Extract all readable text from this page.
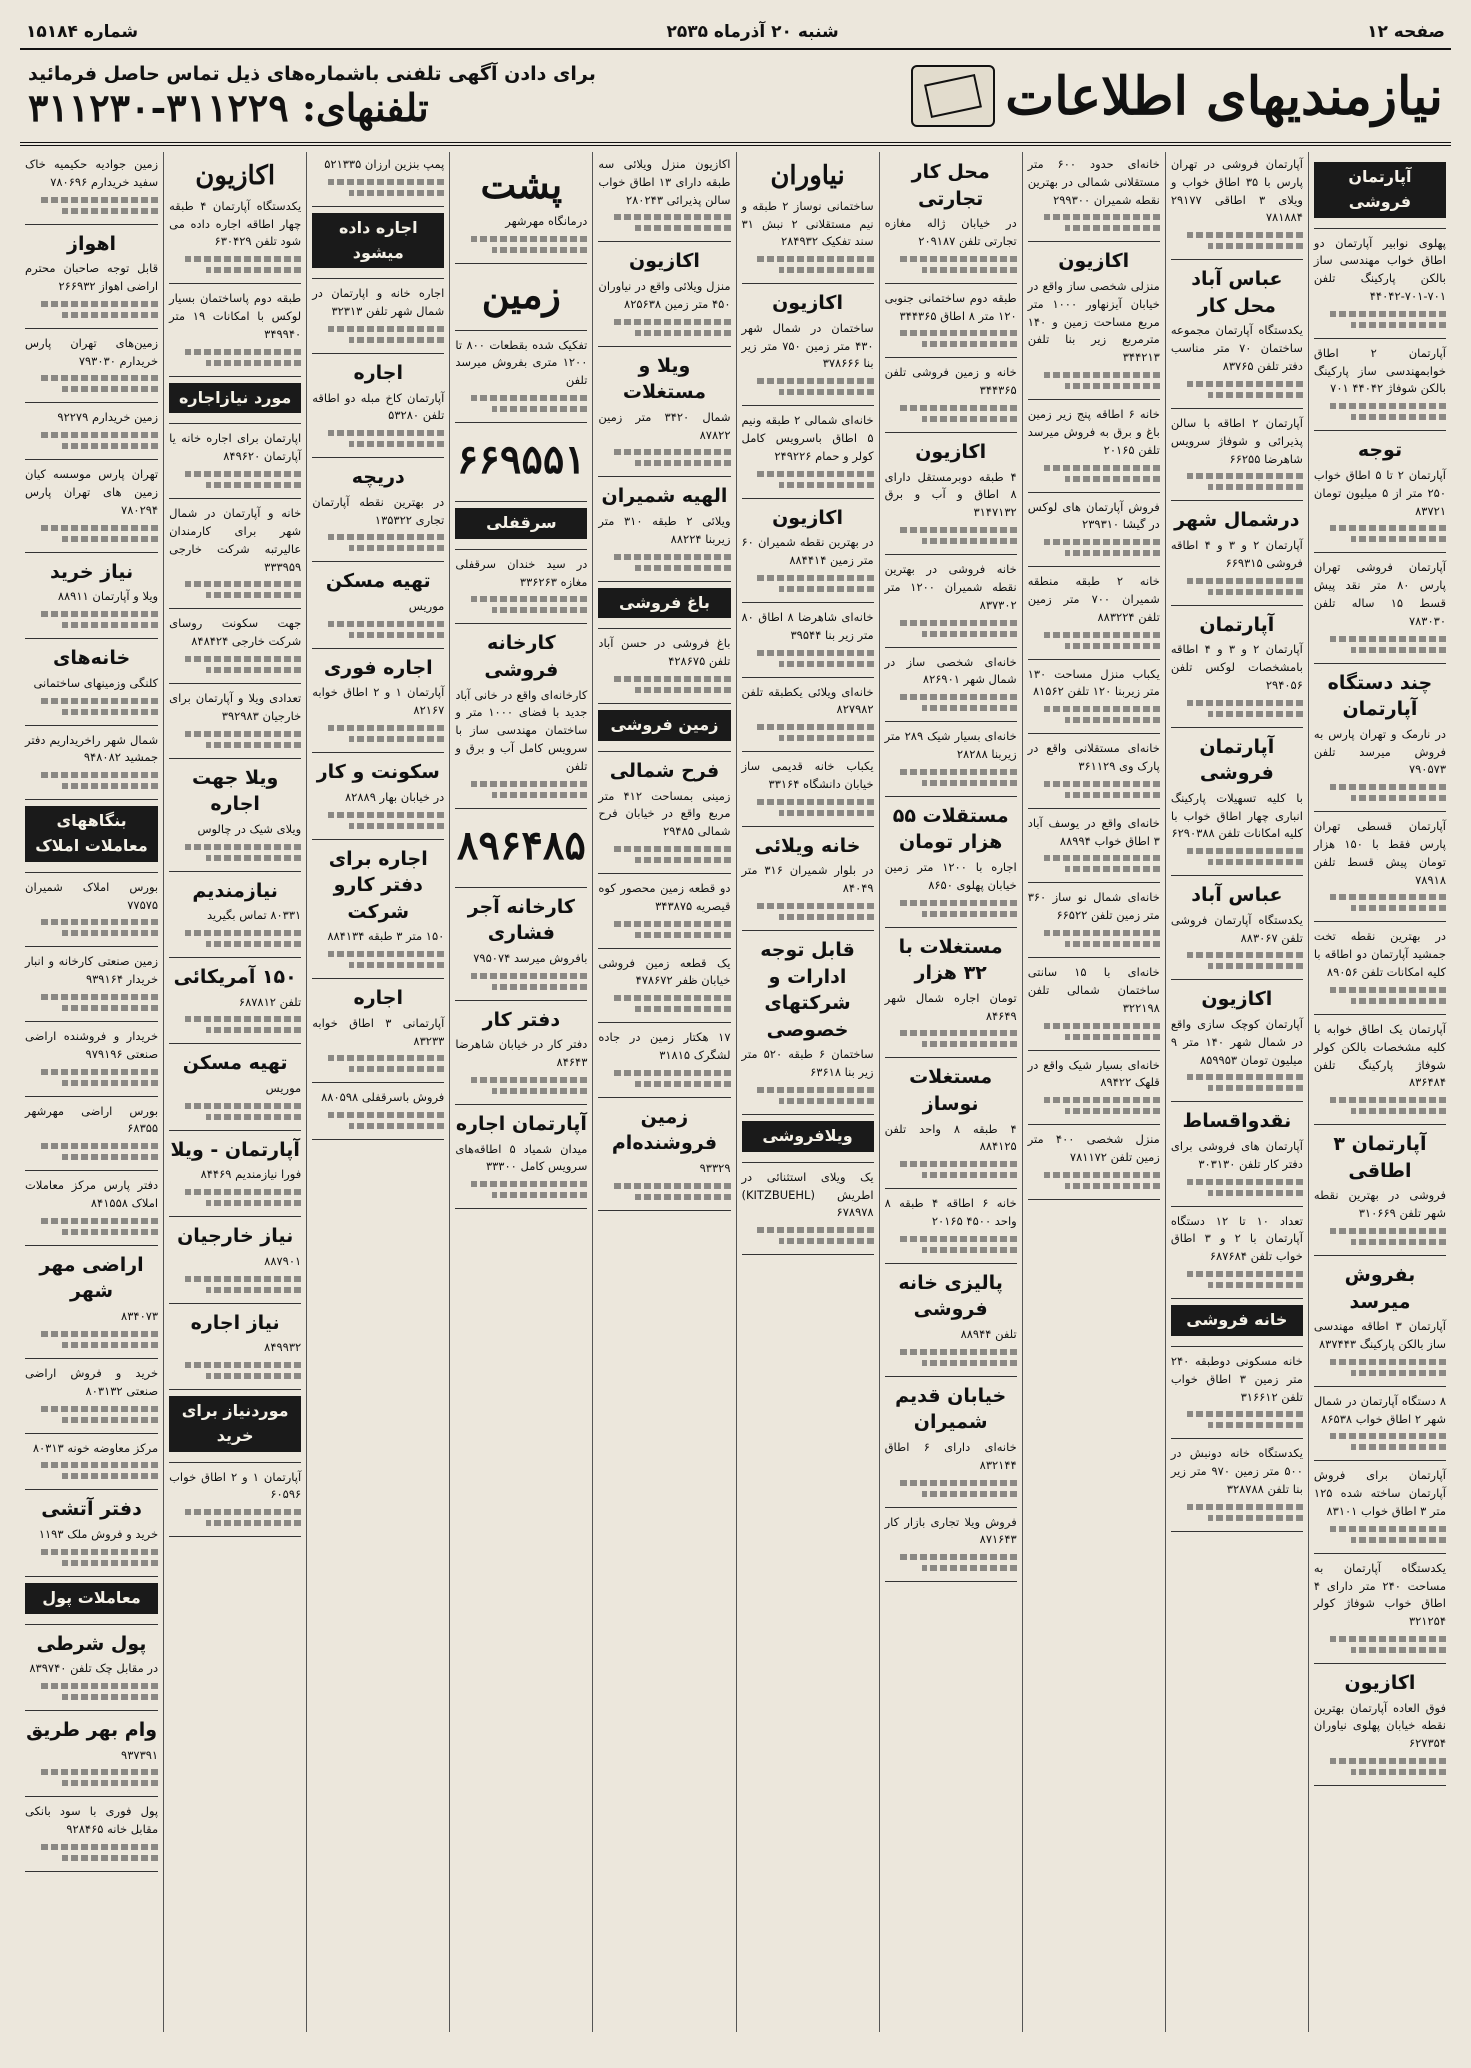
صفحه ۱۲
شنبه ۲۰ آذرماه ۲۵۳۵
شماره ۱۵۱۸۴
نیازمندیهای اطلاعات
برای دادن آگهی تلفنی باشماره‌های ذیل تماس حاصل فرمائید
تلفنهای: ۳۱۱۲۲۹-۳۱۱۲۳۰
آپارتمان فروشی
پهلوی نوابیر آپارتمان دو اطاق خواب مهندسی ساز بالکن پارکینگ تلفن ۷۰۱-۷۰۱-۴۴۰۴۲
آپارتمان ۲ اطاق خوابمهندسی ساز پارکینگ بالکن شوفاژ ۴۴۰۴۲ ۷۰۱
توجه
آپارتمان ۲ تا ۵ اطاق خواب ۲۵۰ متر از ۵ میلیون تومان ۸۳۷۲۱
آپارتمان فروشی تهران پارس ۸۰ متر نقد پیش قسط ۱۵ ساله تلفن ۷۸۳۰۳۰
چند دستگاه آپارتمان
در نارمک و تهران پارس به فروش میرسد تلفن ۷۹۰۵۷۳
آپارتمان قسطی تهران پارس فقط با ۱۵۰ هزار تومان پیش قسط تلفن ۷۸۹۱۸
در بهترین نقطه تخت جمشید آپارتمان دو اطاقه با کلیه امکانات تلفن ۸۹۰۵۶
آپارتمان یک اطاق خوابه با کلیه مشخصات بالکن کولر شوفاژ پارکینگ تلفن ۸۳۶۴۸۴
آپارتمان ۳ اطاقی
فروشی در بهترین نقطه شهر تلفن ۳۱۰۶۶۹
بفروش میرسد
آپارتمان ۳ اطاقه مهندسی ساز بالکن پارکینگ ۸۳۷۴۴۳
۸ دستگاه آپارتمان در شمال شهر ۲ اطاق خواب ۸۶۵۳۸
آپارتمان برای فروش آپارتمان ساخته شده ۱۲۵ متر ۳ اطاق خواب ۸۳۱۰۱
یکدستگاه آپارتمان به مساحت ۲۴۰ متر دارای ۴ اطاق خواب شوفاژ کولر ۳۲۱۲۵۴
اکازیون
فوق العاده آپارتمان بهترین نقطه خیابان پهلوی نیاوران ۶۲۷۳۵۴
آپارتمان فروشی در تهران پارس با ۳۵ اطاق خواب و ویلای ۳ اطاقی ۲۹۱۷۷ ۷۸۱۸۸۴
عباس آباد محل کار
یکدستگاه آپارتمان مجموعه ساختمان ۷۰ متر مناسب دفتر تلفن ۸۳۷۶۵
آپارتمان ۲ اطاقه با سالن پذیرائی و شوفاژ سرویس شاهرضا ۶۶۲۵۵
درشمال شهر
آپارتمان ۲ و ۳ و ۴ اطاقه فروشی ۶۶۹۳۱۵
آپارتمان
آپارتمان ۲ و ۳ و ۴ اطاقه بامشخصات لوکس تلفن ۲۹۴۰۵۶
آپارتمان فروشی
با کلیه تسهیلات پارکینگ انباری چهار اطاق خواب با کلیه امکانات تلفن ۶۲۹۰۳۸۸
عباس آباد
یکدستگاه آپارتمان فروشی تلفن ۸۸۳۰۶۷
اکازیون
آپارتمان کوچک سازی واقع در شمال شهر ۱۴۰ متر ۹ میلیون تومان ۸۵۹۹۵۳
نقدواقساط
آپارتمان های فروشی برای دفتر کار تلفن ۳۰۳۱۳۰
تعداد ۱۰ تا ۱۲ دستگاه آپارتمان با ۲ و ۳ اطاق خواب تلفن ۶۸۷۶۸۴
خانه فروشی
خانه مسکونی دوطبقه ۲۴۰ متر زمین ۳ اطاق خواب تلفن ۳۱۶۶۱۲
یکدستگاه خانه دونبش در ۵۰۰ متر زمین ۹۷۰ متر زیر بنا تلفن ۳۲۸۷۸۸
خانه‌ای حدود ۶۰۰ متر مستقلانی شمالی در بهترین نقطه شمیران ۲۹۹۳۰۰
اکازیون
منزلی شخصی ساز واقع در خیابان آیزنهاور ۱۰۰۰ متر مربع مساحت زمین و ۱۴۰ مترمربع زیر بنا تلفن ۳۴۴۲۱۳
خانه ۶ اطاقه پنج زیر زمین باغ و برق به فروش میرسد تلفن ۲۰۱۶۵
فروش آپارتمان های لوکس در گیشا ۲۳۹۳۱۰
خانه ۲ طبقه منطقه شمیران ۷۰۰ متر زمین تلفن ۸۸۳۲۲۴
یکباب منزل مساحت ۱۳۰ متر زیربنا ۱۲۰ تلفن ۸۱۵۶۲
خانه‌ای مستقلانی واقع در پارک وی ۳۶۱۱۲۹
خانه‌ای واقع در یوسف آباد ۳ اطاق خواب ۸۸۹۹۴
خانه‌ای شمال نو ساز ۳۶۰ متر زمین تلفن ۶۶۵۲۲
خانه‌ای با ۱۵ سانتی ساختمان شمالی تلفن ۳۲۲۱۹۸
خانه‌ای بسیار شیک واقع در قلهک ۸۹۴۲۲
منزل شخصی ۴۰۰ متر زمین تلفن ۷۸۱۱۷۲
محل کار تجارتی
در خیابان ژاله مغازه تجارتی تلفن ۲۰۹۱۸۷
طبقه دوم ساختمانی جنوبی ۱۲۰ متر ۸ اطاق ۳۴۴۳۶۵
خانه و زمین فروشی تلفن ۳۴۴۳۶۵
اکازیون
۴ طبقه دوبرمستقل دارای ۸ اطاق و آب و برق ۳۱۴۷۱۳۲
خانه فروشی در بهترین نقطه شمیران ۱۲۰۰ متر ۸۳۷۳۰۲
خانه‌ای شخصی ساز در شمال شهر ۸۲۶۹۰۱
خانه‌ای بسیار شیک ۲۸۹ متر زیربنا ۲۸۲۸۸
مستقلات ۵۵ هزار تومان
اجاره با ۱۲۰۰ متر زمین خیابان پهلوی ۸۶۵۰
مستغلات با ۳۲ هزار
تومان اجاره شمال شهر ۸۴۶۴۹
مستغلات نوساز
۴ طبقه ۸ واحد تلفن ۸۸۴۱۲۵
خانه ۶ اطاقه ۴ طبقه ۸ واحد ۴۵۰۰ ۲۰۱۶۵
پالیزی خانه فروشی
تلفن ۸۸۹۴۴
خیابان قدیم شمیران
خانه‌ای دارای ۶ اطاق ۸۳۲۱۴۴
فروش ویلا تجاری بازار کار ۸۷۱۶۴۳
نیاوران
ساختمانی نوساز ۲ طبقه و نیم مستقلانی ۲ نبش ۳۱ سند تفکیک ۲۸۴۹۳۲
اکازیون
ساختمان در شمال شهر ۴۳۰ متر زمین ۷۵۰ متر زیر بنا ۳۷۸۶۶۶
خانه‌ای شمالی ۲ طبقه ونیم ۵ اطاق باسرویس کامل کولر و حمام ۲۴۹۲۲۶
اکازیون
در بهترین نقطه شمیران ۶۰ متر زمین ۸۸۴۴۱۴
خانه‌ای شاهرضا ۸ اطاق ۸۰ متر زیر بنا ۳۹۵۴۴
خانه‌ای ویلائی یکطبقه تلفن ۸۲۷۹۸۲
یکباب خانه قدیمی ساز خیابان دانشگاه ۳۳۱۶۴
خانه ویلائی
در بلوار شمیران ۳۱۶ متر ۸۴۰۴۹
قابل توجه ادارات و شرکتهای خصوصی
ساختمان ۶ طبقه ۵۲۰ متر زیر بنا ۶۳۶۱۸
ویلافروشی
یک ویلای استثنائی در اطریش (KITZBUEHL) ۶۷۸۹۷۸
اکازیون منزل ویلائی سه طبقه دارای ۱۳ اطاق خواب سالن پذیرائی ۲۸۰۲۴۳
اکازیون
منزل ویلائی واقع در نیاوران ۴۵۰ متر زمین ۸۲۵۶۳۸
ویلا و مستغلات
شمال ۳۴۲۰ متر زمین ۸۷۸۲۲
الهیه شمیران
ویلائی ۲ طبقه ۳۱۰ متر زیربنا ۸۸۲۲۴
باغ فروشی
باغ فروشی در حسن آباد تلفن ۴۲۸۶۷۵
زمین فروشی
فرح شمالی
زمینی بمساحت ۴۱۲ متر مربع واقع در خیابان فرح شمالی ۲۹۴۸۵
دو قطعه زمین محصور کوه قیصریه ۳۴۳۸۷۵
یک قطعه زمین فروشی خیابان ظفر ۴۷۸۶۷۲
۱۷ هکتار زمین در جاده لشگرک ۳۱۸۱۵
زمین فروشنده‌ام
۹۳۳۲۹
پشت
درمانگاه مهرشهر
زمین
تفکیک شده بقطعات ۸۰۰ تا ۱۲۰۰ متری بفروش میرسد تلفن
۶۶۹۵۵۱
سرقفلی
در سید خندان سرقفلی مغازه ۳۳۶۲۶۳
کارخانه فروشی
کارخانه‌ای واقع در خانی آباد جدید با فضای ۱۰۰۰ متر و ساختمان مهندسی ساز با سرویس کامل آب و برق و تلفن
۸۹۶۴۸۵
کارخانه آجر فشاری
بافروش میرسد ۷۹۵۰۷۴
دفتر کار
دفتر کار در خیابان شاهرضا ۸۴۶۴۳
آپارتمان اجاره
میدان شمیاد ۵ اطاقه‌های سرویس کامل ۳۳۳۰۰
پمپ بنزین ارزان ۵۲۱۳۳۵
اجاره داده میشود
اجاره خانه و اپارتمان در شمال شهر تلفن ۳۲۳۱۳
اجاره
آپارتمان کاخ مبله دو اطاقه تلفن ۵۳۲۸۰
دریچه
در بهترین نقطه آپارتمان تجاری ۱۳۵۳۲۲
تهیه مسکن
موریس
اجاره فوری
آپارتمان ۱ و ۲ اطاق خوابه ۸۲۱۶۷
سکونت و کار
در خیابان بهار ۸۲۸۸۹
اجاره برای دفتر کارو شرکت
۱۵۰ متر ۳ طبقه ۸۸۴۱۳۴
اجاره
آپارتمانی ۳ اطاق خوابه ۸۳۲۳۳
فروش باسرقفلی ۸۸۰۵۹۸
اکازیون
یکدستگاه آپارتمان ۴ طبقه چهار اطاقه اجاره داده می شود تلفن ۶۳۰۴۲۹
طبقه دوم پاساختمان بسیار لوکس با امکانات ۱۹ متر ۳۴۹۹۴۰
مورد نیازاجاره
اپارتمان برای اجاره خانه یا آپارتمان ۸۴۹۶۲۰
خانه و آپارتمان در شمال شهر برای کارمندان عالیرتبه شرکت خارجی ۳۳۳۹۵۹
جهت سکونت روسای شرکت خارجی ۸۴۸۴۲۴
تعدادی ویلا و آپارتمان برای خارجیان ۳۹۲۹۸۳
ویلا جهت اجاره
ویلای شیک در چالوس
نیازمندیم
۸۰۳۳۱ تماس بگیرید
۱۵۰ آمریکائی
تلفن ۶۸۷۸۱۲
تهیه مسکن
موریس
آپارتمان - ویلا
فورا نیازمندیم ۸۴۴۶۹
نیاز خارجیان
۸۸۷۹۰۱
نیاز اجاره
۸۴۹۹۳۲
موردنیاز برای خرید
آپارتمان ۱ و ۲ اطاق خواب ۶۰۵۹۶
زمین جوادیه حکیمیه خاک سفید خریدارم ۷۸۰۶۹۶
اهواز
قابل توجه صاحبان محترم اراضی اهواز ۲۶۶۹۳۲
زمین‌های تهران پارس خریدارم ۷۹۳۰۳۰
زمین خریدارم ۹۲۲۷۹
تهران پارس موسسه کیان زمین های تهران پارس ۷۸۰۲۹۴
نیاز خرید
ویلا و آپارتمان ۸۸۹۱۱
خانه‌های
کلنگی وزمینهای ساختمانی
شمال شهر راخریداریم دفتر جمشید ۹۴۸۰۸۲
بنگاههای معاملات املاک
بورس املاک شمیران ۷۷۵۷۵
زمین صنعتی کارخانه و انبار خریدار ۹۳۹۱۶۴
خریدار و فروشنده اراضی صنعتی ۹۷۹۱۹۶
بورس اراضی مهرشهر ۶۸۳۵۵
دفتر پارس مرکز معاملات املاک ۸۴۱۵۵۸
اراضی مهر شهر
۸۳۴۰۷۳
خرید و فروش اراضی صنعتی ۸۰۳۱۳۲
مرکز معاوضه خونه ۸۰۳۱۳
دفتر آتشی
خرید و فروش ملک ۱۱۹۳
معاملات پول
پول شرطی
در مقابل چک تلفن ۸۳۹۷۴۰
وام بهر طریق
۹۳۷۳۹۱
پول فوری با سود بانکی مقابل خانه ۹۲۸۴۶۵
